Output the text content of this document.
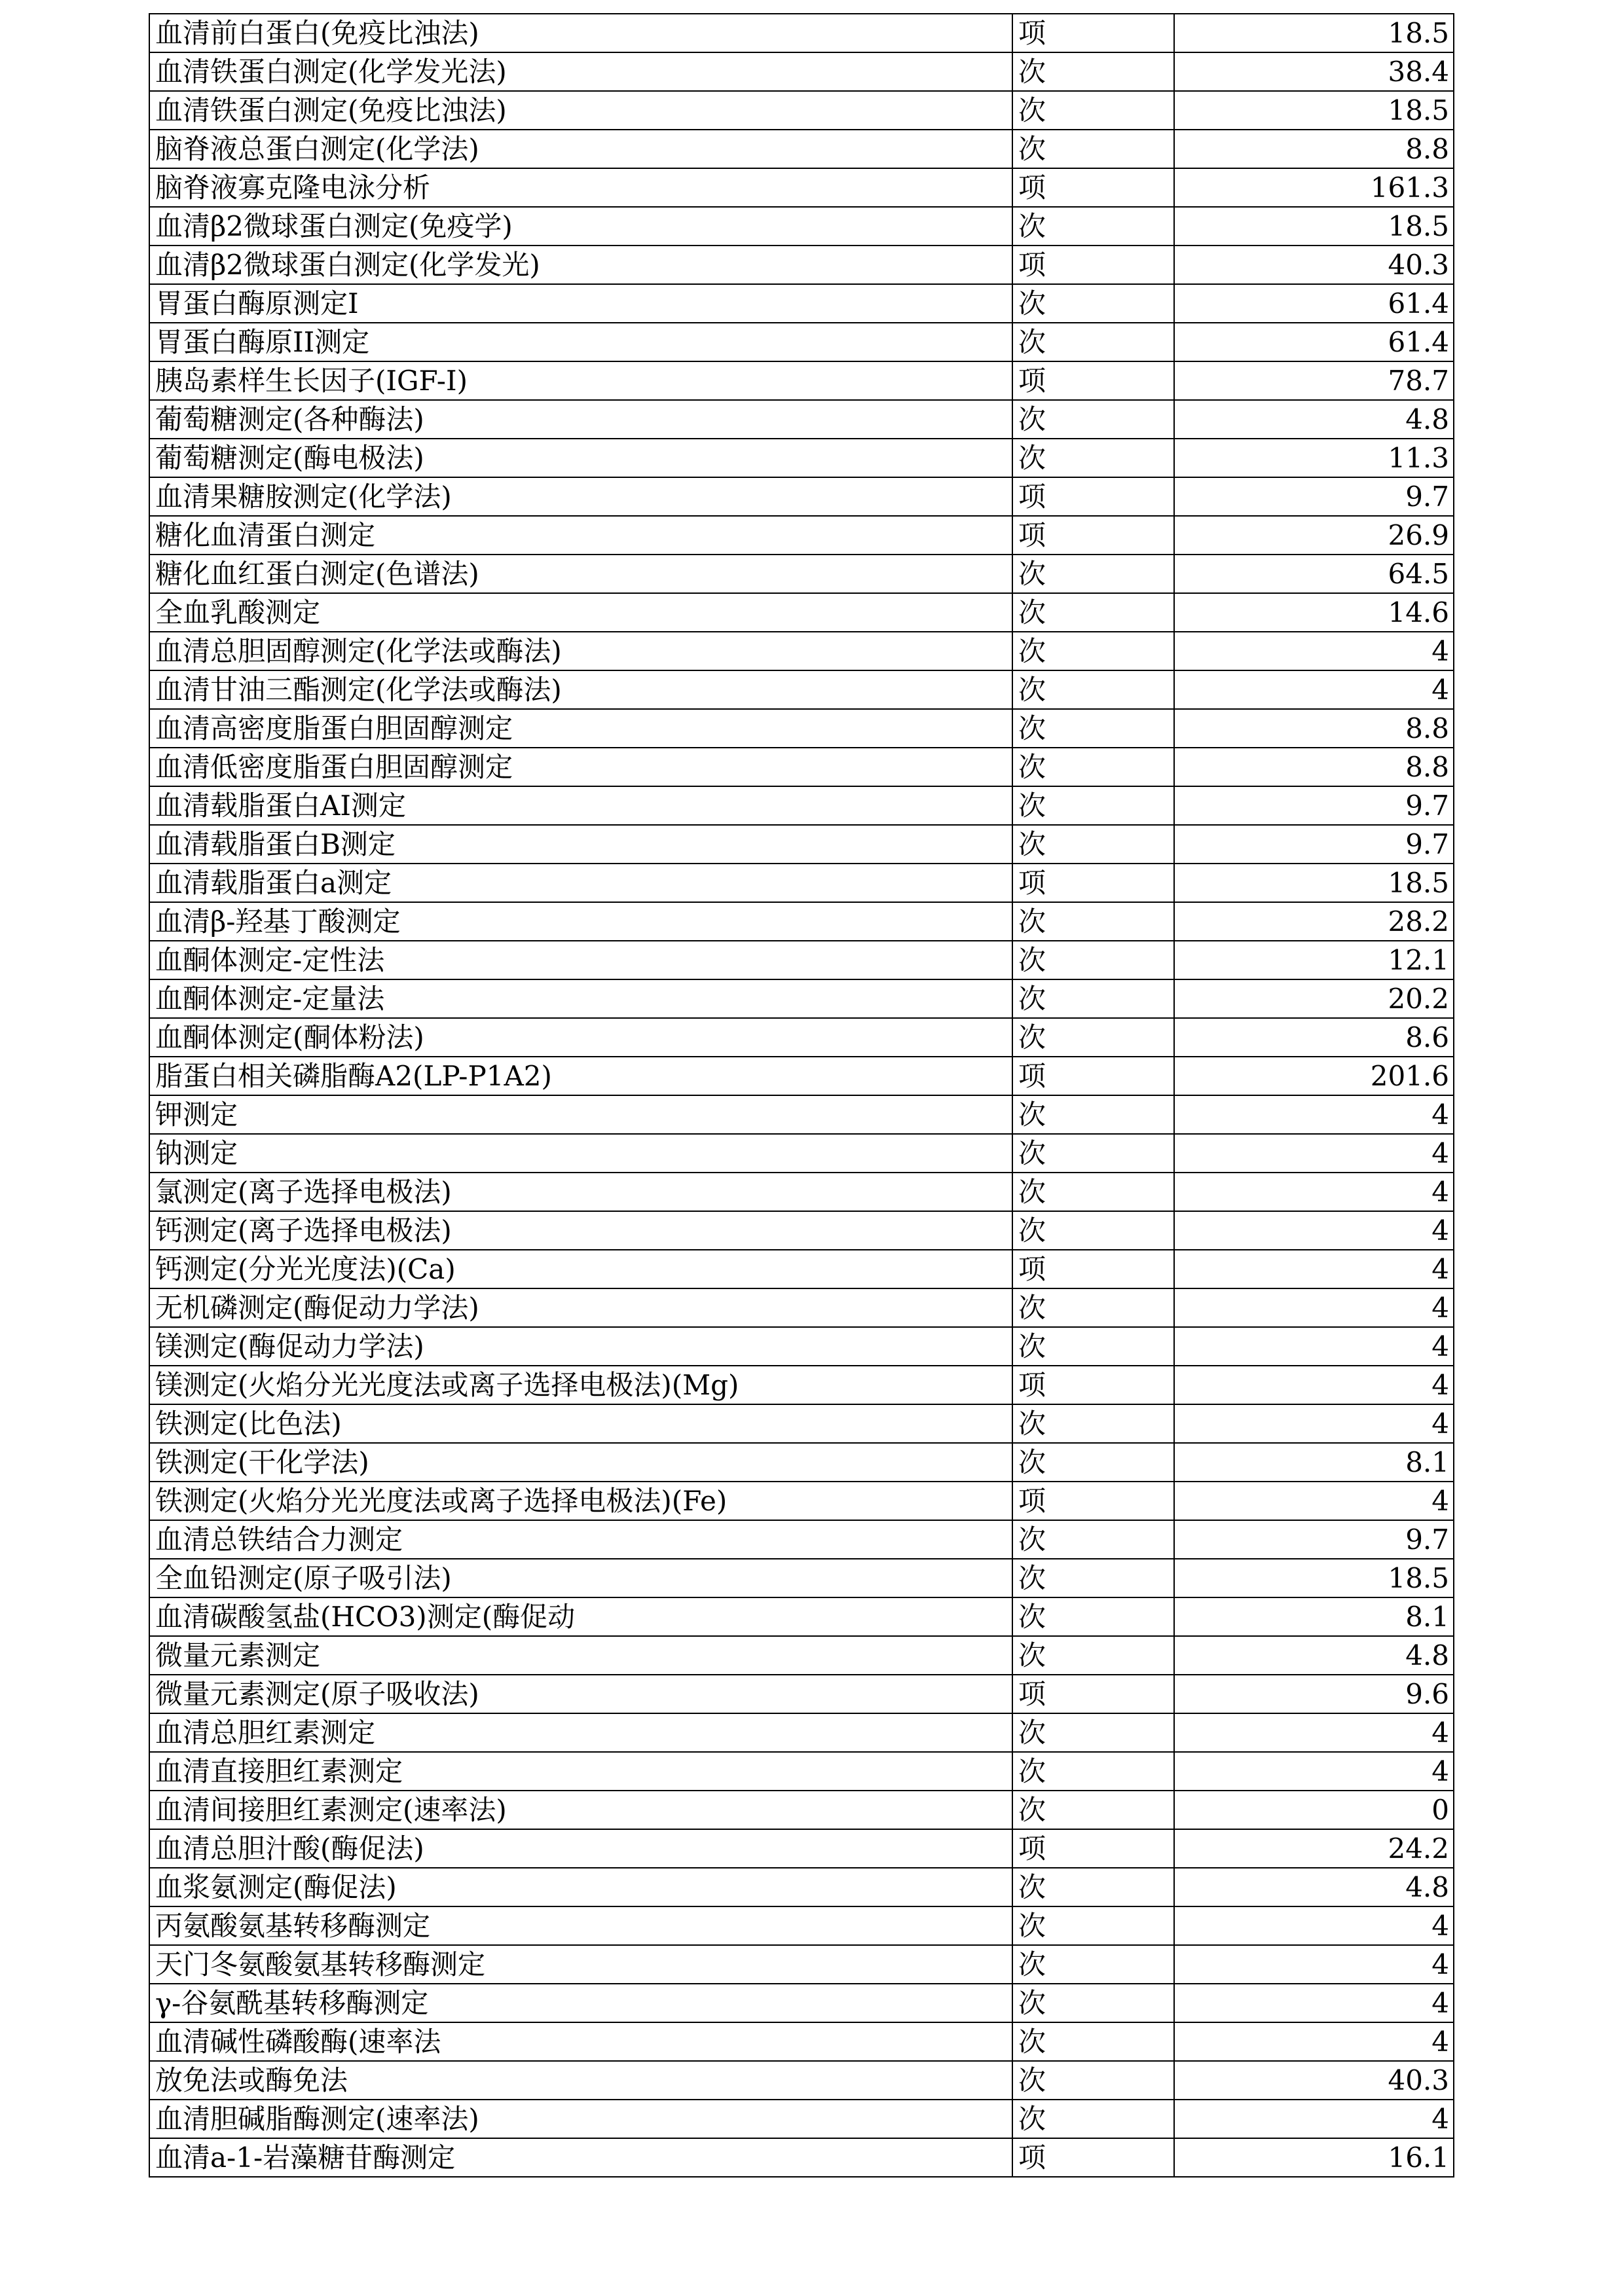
血清前白蛋白(免疫比浊法)	项	18.5
血清铁蛋白测定(化学发光法)	次	38.4
血清铁蛋白测定(免疫比浊法)	次	18.5
脑脊液总蛋白测定(化学法)	次	8.8
脑脊液寡克隆电泳分析	项	161.3
血清β2微球蛋白测定(免疫学)	次	18.5
血清β2微球蛋白测定(化学发光)	项	40.3
胃蛋白酶原测定I	次	61.4
胃蛋白酶原II测定	次	61.4
胰岛素样生长因子(IGF-I)	项	78.7
葡萄糖测定(各种酶法)	次	4.8
葡萄糖测定(酶电极法)	次	11.3
血清果糖胺测定(化学法)	项	9.7
糖化血清蛋白测定	项	26.9
糖化血红蛋白测定(色谱法)	次	64.5
全血乳酸测定	次	14.6
血清总胆固醇测定(化学法或酶法)	次	4
血清甘油三酯测定(化学法或酶法)	次	4
血清高密度脂蛋白胆固醇测定	次	8.8
血清低密度脂蛋白胆固醇测定	次	8.8
血清载脂蛋白AⅠ测定	次	9.7
血清载脂蛋白B测定	次	9.7
血清载脂蛋白a测定	项	18.5
血清β-羟基丁酸测定	次	28.2
血酮体测定-定性法	次	12.1
血酮体测定-定量法	次	20.2
血酮体测定(酮体粉法)	次	8.6
脂蛋白相关磷脂酶A2(LP-P1A2)	项	201.6
钾测定	次	4
钠测定	次	4
氯测定(离子选择电极法)	次	4
钙测定(离子选择电极法)	次	4
钙测定(分光光度法)(Ca)	项	4
无机磷测定(酶促动力学法)	次	4
镁测定(酶促动力学法)	次	4
镁测定(火焰分光光度法或离子选择电极法)(Mg)	项	4
铁测定(比色法)	次	4
铁测定(干化学法)	次	8.1
铁测定(火焰分光光度法或离子选择电极法)(Fe)	项	4
血清总铁结合力测定	次	9.7
全血铅测定(原子吸引法)	次	18.5
血清碳酸氢盐(HCO3)测定(酶促动	次	8.1
微量元素测定	次	4.8
微量元素测定(原子吸收法)	项	9.6
血清总胆红素测定	次	4
血清直接胆红素测定	次	4
血清间接胆红素测定(速率法)	次	0
血清总胆汁酸(酶促法)	项	24.2
血浆氨测定(酶促法)	次	4.8
丙氨酸氨基转移酶测定	次	4
天门冬氨酸氨基转移酶测定	次	4
γ-谷氨酰基转移酶测定	次	4
血清碱性磷酸酶(速率法	次	4
放免法或酶免法	次	40.3
血清胆碱脂酶测定(速率法)	次	4
血清a-1-岩藻糖苷酶测定	项	16.1
